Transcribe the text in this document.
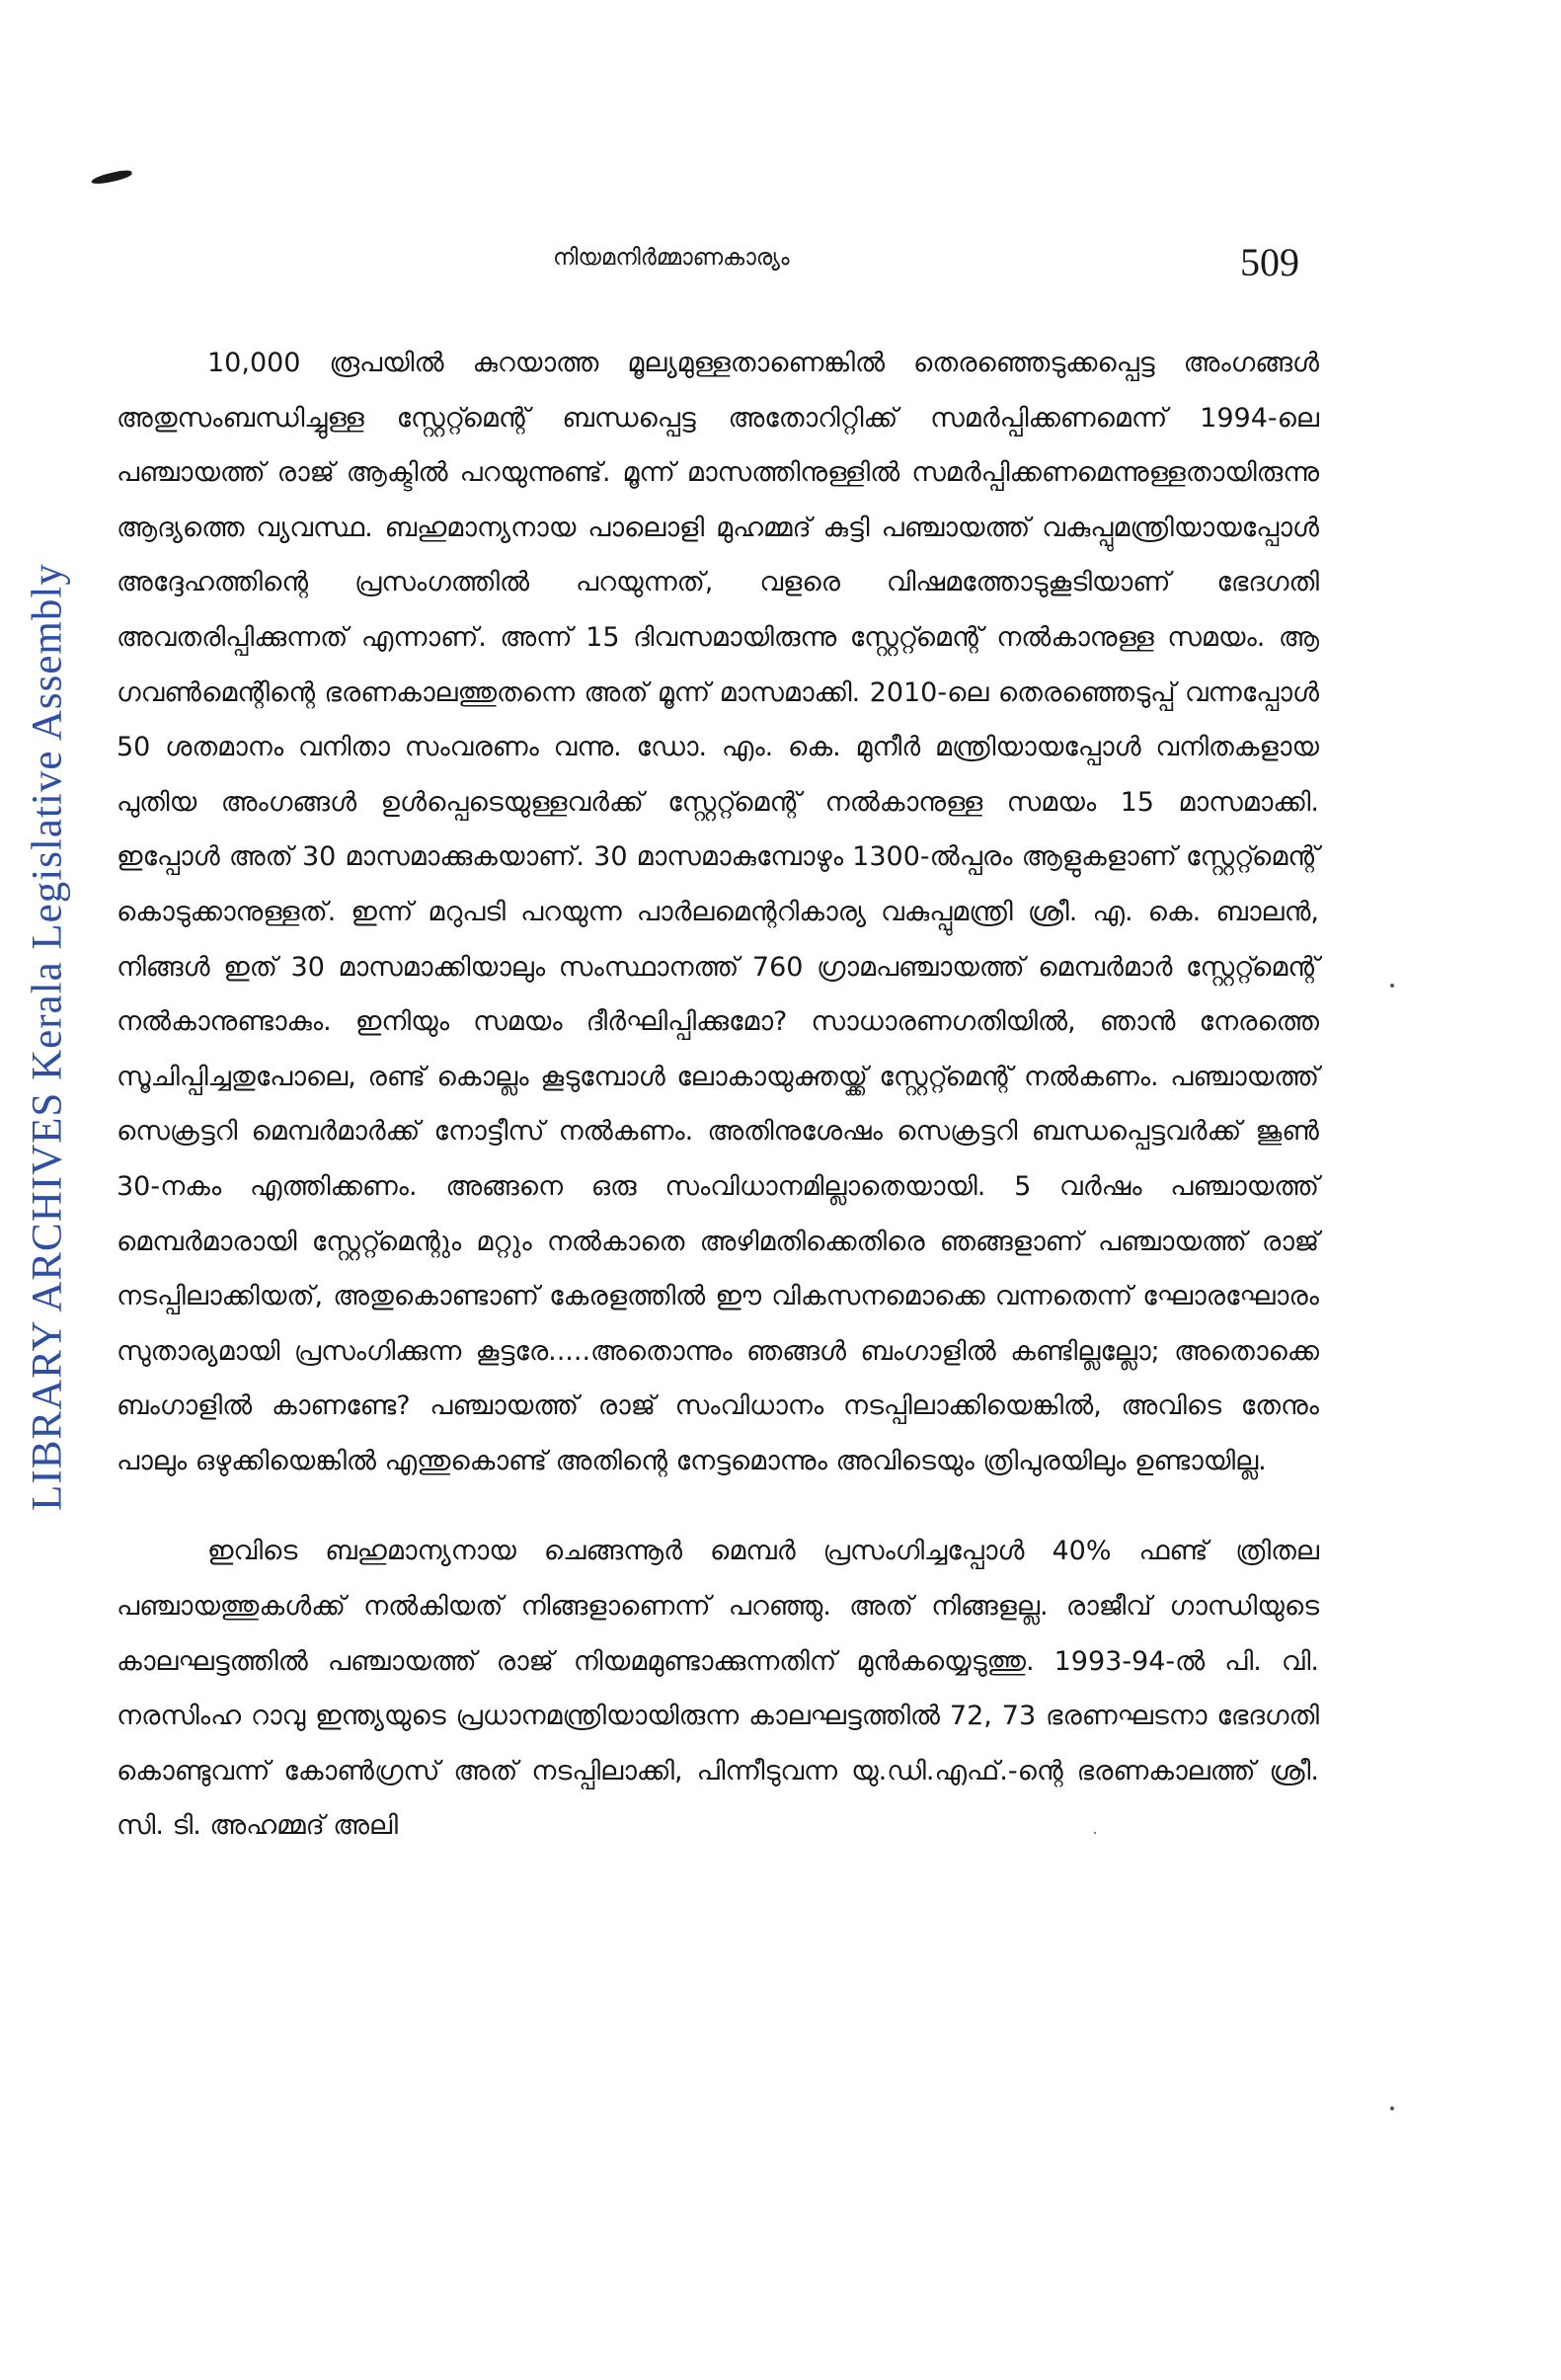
നിയമനിർമ്മാണകാര്യം	509
LIBRARY ARCHIVES Kerala Legislative Assembly

10,000 രൂപയിൽ കുറയാത്ത മൂല്യമുള്ളതാണെങ്കിൽ തെരഞ്ഞെടുക്കപ്പെട്ട അംഗങ്ങൾ അതുസംബന്ധിച്ചുള്ള സ്റ്റേറ്റ്മെന്റ് ബന്ധപ്പെട്ട അതോറിറ്റിക്ക് സമർപ്പിക്കണമെന്ന് 1994-ലെ പഞ്ചായത്ത് രാജ് ആക്ടിൽ പറയുന്നുണ്ട്. മൂന്ന് മാസത്തിനുള്ളിൽ സമർപ്പിക്കണമെന്നുള്ളതായിരുന്നു ആദ്യത്തെ വ്യവസ്ഥ. ബഹുമാന്യനായ പാലൊളി മുഹമ്മദ് കുട്ടി പഞ്ചായത്ത് വകുപ്പുമന്ത്രിയായപ്പോൾ അദ്ദേഹത്തിന്റെ പ്രസംഗത്തിൽ പറയുന്നത്, വളരെ വിഷമത്തോടുകൂടിയാണ് ഭേദഗതി അവതരിപ്പിക്കുന്നത് എന്നാണ്. അന്ന് 15 ദിവസമായിരുന്നു സ്റ്റേറ്റ്മെന്റ് നൽകാനുള്ള സമയം. ആ ഗവൺമെന്റിന്റെ ഭരണകാലത്തുതന്നെ അത് മൂന്ന് മാസമാക്കി. 2010-ലെ തെരഞ്ഞെടുപ്പ് വന്നപ്പോൾ 50 ശതമാനം വനിതാ സംവരണം വന്നു. ഡോ. എം. കെ. മുനീർ മന്ത്രിയായപ്പോൾ വനിതകളായ പുതിയ അംഗങ്ങൾ ഉൾപ്പെടെയുള്ളവർക്ക് സ്റ്റേറ്റ്മെന്റ് നൽകാനുള്ള സമയം 15 മാസമാക്കി. ഇപ്പോൾ അത് 30 മാസമാക്കുകയാണ്. 30 മാസമാകുമ്പോഴും 1300-ൽപ്പരം ആളുകളാണ് സ്റ്റേറ്റ്മെന്റ് കൊടുക്കാനുള്ളത്. ഇന്ന് മറുപടി പറയുന്ന പാർലമെന്ററികാര്യ വകുപ്പുമന്ത്രി ശ്രീ. എ. കെ. ബാലൻ, നിങ്ങൾ ഇത് 30 മാസമാക്കിയാലും സംസ്ഥാനത്ത് 760 ഗ്രാമപഞ്ചായത്ത് മെമ്പർമാർ സ്റ്റേറ്റ്മെന്റ് നൽകാനുണ്ടാകും. ഇനിയും സമയം ദീർഘിപ്പിക്കുമോ? സാധാരണഗതിയിൽ, ഞാൻ നേരത്തെ സൂചിപ്പിച്ചതുപോലെ, രണ്ട് കൊല്ലം കൂടുമ്പോൾ ലോകായുക്തയ്ക്ക് സ്റ്റേറ്റ്മെന്റ് നൽകണം. പഞ്ചായത്ത് സെക്രട്ടറി മെമ്പർമാർക്ക് നോട്ടീസ് നൽകണം. അതിനുശേഷം സെക്രട്ടറി ബന്ധപ്പെട്ടവർക്ക് ജൂൺ 30-നകം എത്തിക്കണം. അങ്ങനെ ഒരു സംവിധാനമില്ലാതെയായി. 5 വർഷം പഞ്ചായത്ത് മെമ്പർമാരായി സ്റ്റേറ്റ്മെന്റും മറ്റും നൽകാതെ അഴിമതിക്കെതിരെ ഞങ്ങളാണ് പഞ്ചായത്ത് രാജ് നടപ്പിലാക്കിയത്, അതുകൊണ്ടാണ് കേരളത്തിൽ ഈ വികസനമൊക്കെ വന്നതെന്ന് ഘോരഘോരം സുതാര്യമായി പ്രസംഗിക്കുന്ന കൂട്ടരേ.....അതൊന്നും ഞങ്ങൾ ബംഗാളിൽ കണ്ടില്ലല്ലോ; അതൊക്കെ ബംഗാളിൽ കാണണ്ടേ? പഞ്ചായത്ത് രാജ് സംവിധാനം നടപ്പിലാക്കിയെങ്കിൽ, അവിടെ തേനും പാലും ഒഴുക്കിയെങ്കിൽ എന്തുകൊണ്ട് അതിന്റെ നേട്ടമൊന്നും അവിടെയും ത്രിപുരയിലും ഉണ്ടായില്ല.

ഇവിടെ ബഹുമാന്യനായ ചെങ്ങന്നൂർ മെമ്പർ പ്രസംഗിച്ചപ്പോൾ 40% ഫണ്ട് ത്രിതല പഞ്ചായത്തുകൾക്ക് നൽകിയത് നിങ്ങളാണെന്ന് പറഞ്ഞു. അത് നിങ്ങളല്ല. രാജീവ് ഗാന്ധിയുടെ കാലഘട്ടത്തിൽ പഞ്ചായത്ത് രാജ് നിയമമുണ്ടാക്കുന്നതിന് മുൻകയ്യെടുത്തു. 1993-94-ൽ പി. വി. നരസിംഹ റാവു ഇന്ത്യയുടെ പ്രധാനമന്ത്രിയായിരുന്ന കാലഘട്ടത്തിൽ 72, 73 ഭരണഘടനാ ഭേദഗതി കൊണ്ടുവന്ന് കോൺഗ്രസ് അത് നടപ്പിലാക്കി, പിന്നീടുവന്ന യു.ഡി.എഫ്.-ന്റെ ഭരണകാലത്ത് ശ്രീ. സി. ടി. അഹമ്മദ് അലി
